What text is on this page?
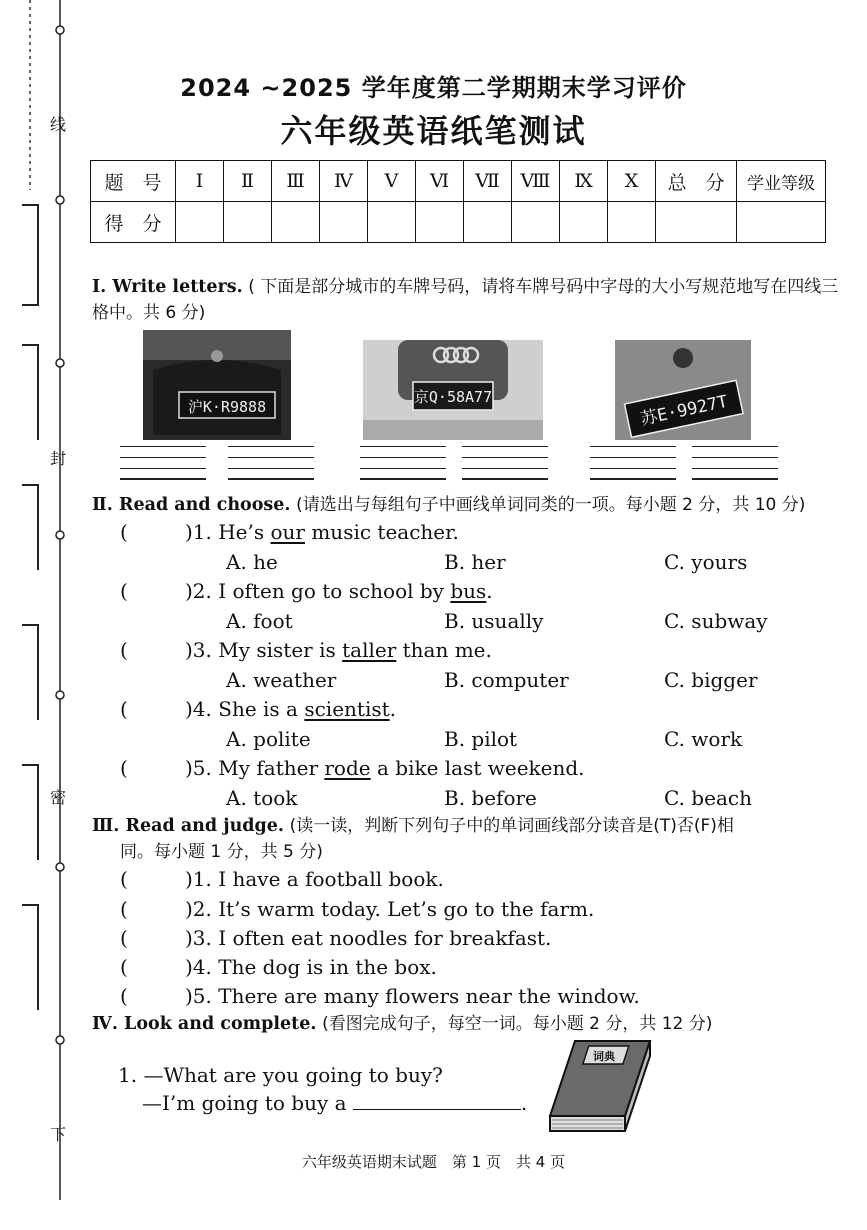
线
封
密
下
2024 ~2025 学年度第二学期期末学习评价
六年级英语纸笔测试
题　号	Ⅰ	Ⅱ	Ⅲ	Ⅳ	Ⅴ	Ⅵ	Ⅶ	Ⅷ	Ⅸ	Ⅹ	总　分	学业等级
得　分												
Ⅰ. Write letters. ( 下面是部分城市的车牌号码，请将车牌号码中字母的大小写规范地写在四线三格中。共 6 分)
沪K·R9888
京Q·58A77	苏E·9927T
Ⅱ. Read and choose. (请选出与每组句子中画线单词同类的一项。每小题 2 分，共 10 分)
(	)1. He’s our music teacher.
A. he	B. her	C. yours
(	)2. I often go to school by bus.
A. foot	B. usually	C. subway
(	)3. My sister is taller than me.
A. weather	B. computer	C. bigger
(	)4. She is a scientist.
A. polite	B. pilot	C. work
(	)5. My father rode a bike last weekend.
A. took	B. before	C. beach
Ⅲ. Read and judge. (读一读，判断下列句子中的单词画线部分读音是(T)否(F)相
同。每小题 1 分，共 5 分)
(	)1. I have a football book.
(	)2. It’s warm today. Let’s go to the farm.
(	)3. I often eat noodles for breakfast.
(	)4. The dog is in the box.
(	)5. There are many flowers near the window.
Ⅳ. Look and complete. (看图完成句子，每空一词。每小题 2 分，共 12 分)
1. —What are you going to buy?
—I’m going to buy a	.
词典
六年级英语期末试题　第 1 页　共 4 页
